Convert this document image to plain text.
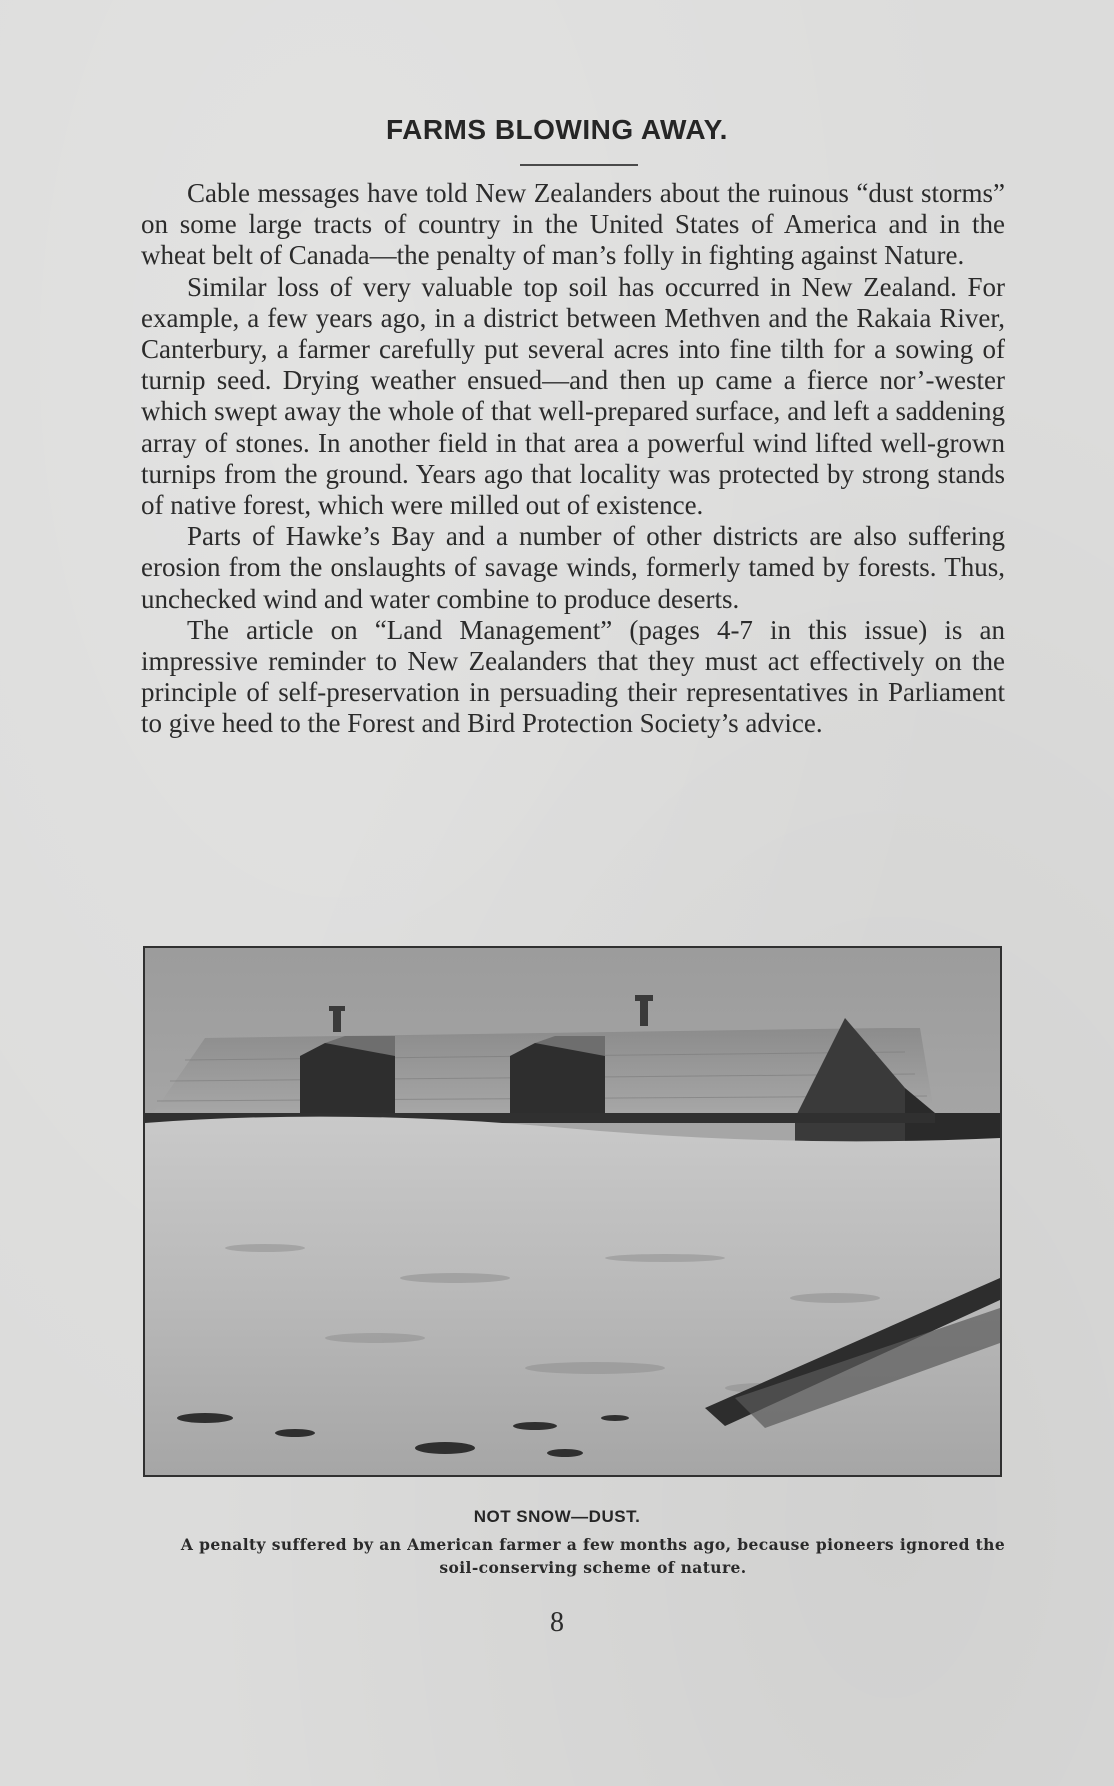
FARMS BLOWING AWAY.

Cable messages have told New Zealanders about the ruinous “dust storms” on some large tracts of country in the United States of America and in the wheat belt of Canada—the penalty of man’s folly in fighting against Nature.

Similar loss of very valuable top soil has occurred in New Zealand. For example, a few years ago, in a district between Methven and the Rakaia River, Canterbury, a farmer carefully put several acres into fine tilth for a sowing of turnip seed. Drying weather ensued—and then up came a fierce nor’-wester which swept away the whole of that well-prepared surface, and left a saddening array of stones. In another field in that area a powerful wind lifted well-grown turnips from the ground. Years ago that locality was protected by strong stands of native forest, which were milled out of existence.

Parts of Hawke’s Bay and a number of other districts are also suffering erosion from the onslaughts of savage winds, formerly tamed by forests. Thus, unchecked wind and water combine to produce deserts.

The article on “Land Management” (pages 4-7 in this issue) is an impressive reminder to New Zealanders that they must act effectively on the principle of self-preservation in persuading their representatives in Parliament to give heed to the Forest and Bird Protection Society’s advice.

NOT SNOW—DUST.
A penalty suffered by an American farmer a few months ago, because pioneers ignored the soil-conserving scheme of nature.
8
